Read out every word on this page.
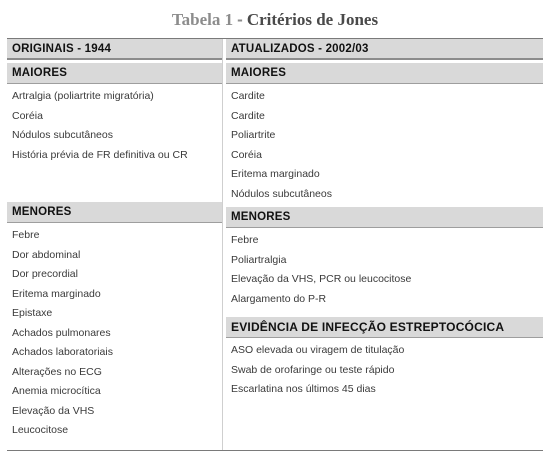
Tabela 1 - Critérios de Jones
ORIGINAIS - 1944
MAIORES
Artralgia (poliartrite migratória)
Coréia
Nódulos subcutâneos
História prévia de FR definitiva ou CR
MENORES
Febre
Dor abdominal
Dor precordial
Eritema marginado
Epistaxe
Achados pulmonares
Achados laboratoriais
Alterações no ECG
Anemia microcítica
Elevação da VHS
Leucocitose
ATUALIZADOS - 2002/03
MAIORES
Cardite
Cardite
Poliartrite
Coréia
Eritema marginado
Nódulos subcutâneos
MENORES
Febre
Poliartralgia
Elevação da VHS, PCR ou leucocitose
Alargamento do P-R
EVIDÊNCIA DE INFECÇÃO ESTREPTOCÓCICA
ASO elevada ou viragem de titulação
Swab de orofaringe ou teste rápido
Escarlatina nos últimos 45 dias
